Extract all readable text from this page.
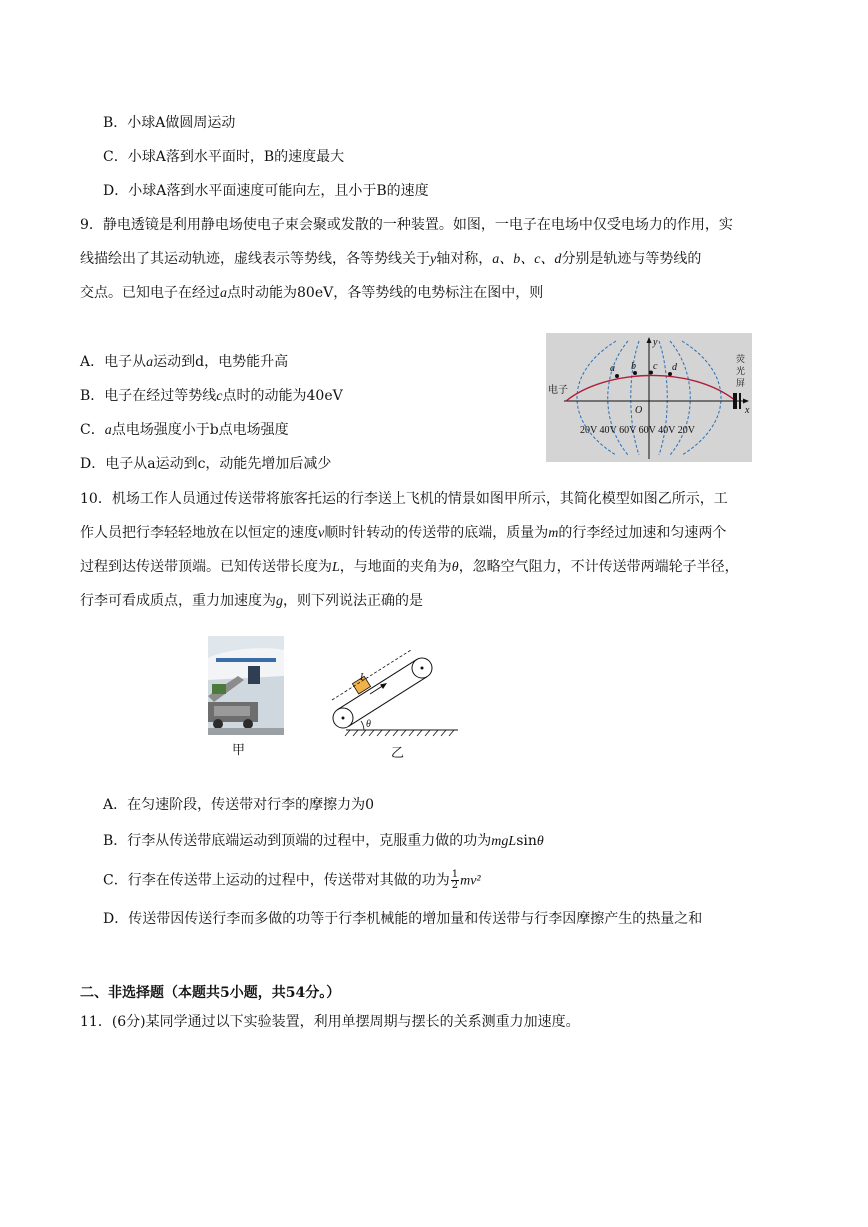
B．小球A做圆周运动
C．小球A落到水平面时，B的速度最大
D．小球A落到水平面速度可能向左，且小于B的速度
9．静电透镜是利用静电场使电子束会聚或发散的一种装置。如图，一电子在电场中仅受电场力的作用，实
线描绘出了其运动轨迹，虚线表示等势线，各等势线关于y轴对称，a、b、c、d分别是轨迹与等势线的
交点。已知电子在经过a点时动能为80eV，各等势线的电势标注在图中，则
A．电子从a运动到d，电势能升高
B．电子在经过等势线c点时的动能为40eV
C．a点电场强度小于b点电场强度
D．电子从a运动到c，动能先增加后减少
a b c d
y
x
O
电子
荧
光
屏
20V 40V 60V 60V 40V 20V
10．机场工作人员通过传送带将旅客托运的行李送上飞机的情景如图甲所示，其简化模型如图乙所示，工
作人员把行李轻轻地放在以恒定的速度v顺时针转动的传送带的底端，质量为m的行李经过加速和匀速两个
过程到达传送带顶端。已知传送带长度为L，与地面的夹角为θ，忽略空气阻力，不计传送带两端轮子半径，
行李可看成质点，重力加速度为g，则下列说法正确的是
甲
L
θ
乙
A．在匀速阶段，传送带对行李的摩擦力为0
B．行李从传送带底端运动到顶端的过程中，克服重力做的功为mgLsinθ
C．行李在传送带上运动的过程中，传送带对其做的功为 $\frac{1}{2} mv^2$
D．传送带因传送行李而多做的功等于行李机械能的增加量和传送带与行李因摩擦产生的热量之和
二、非选择题（本题共5小题，共54分。）
11．(6分)某同学通过以下实验装置，利用单摆周期与摆长的关系测重力加速度。
